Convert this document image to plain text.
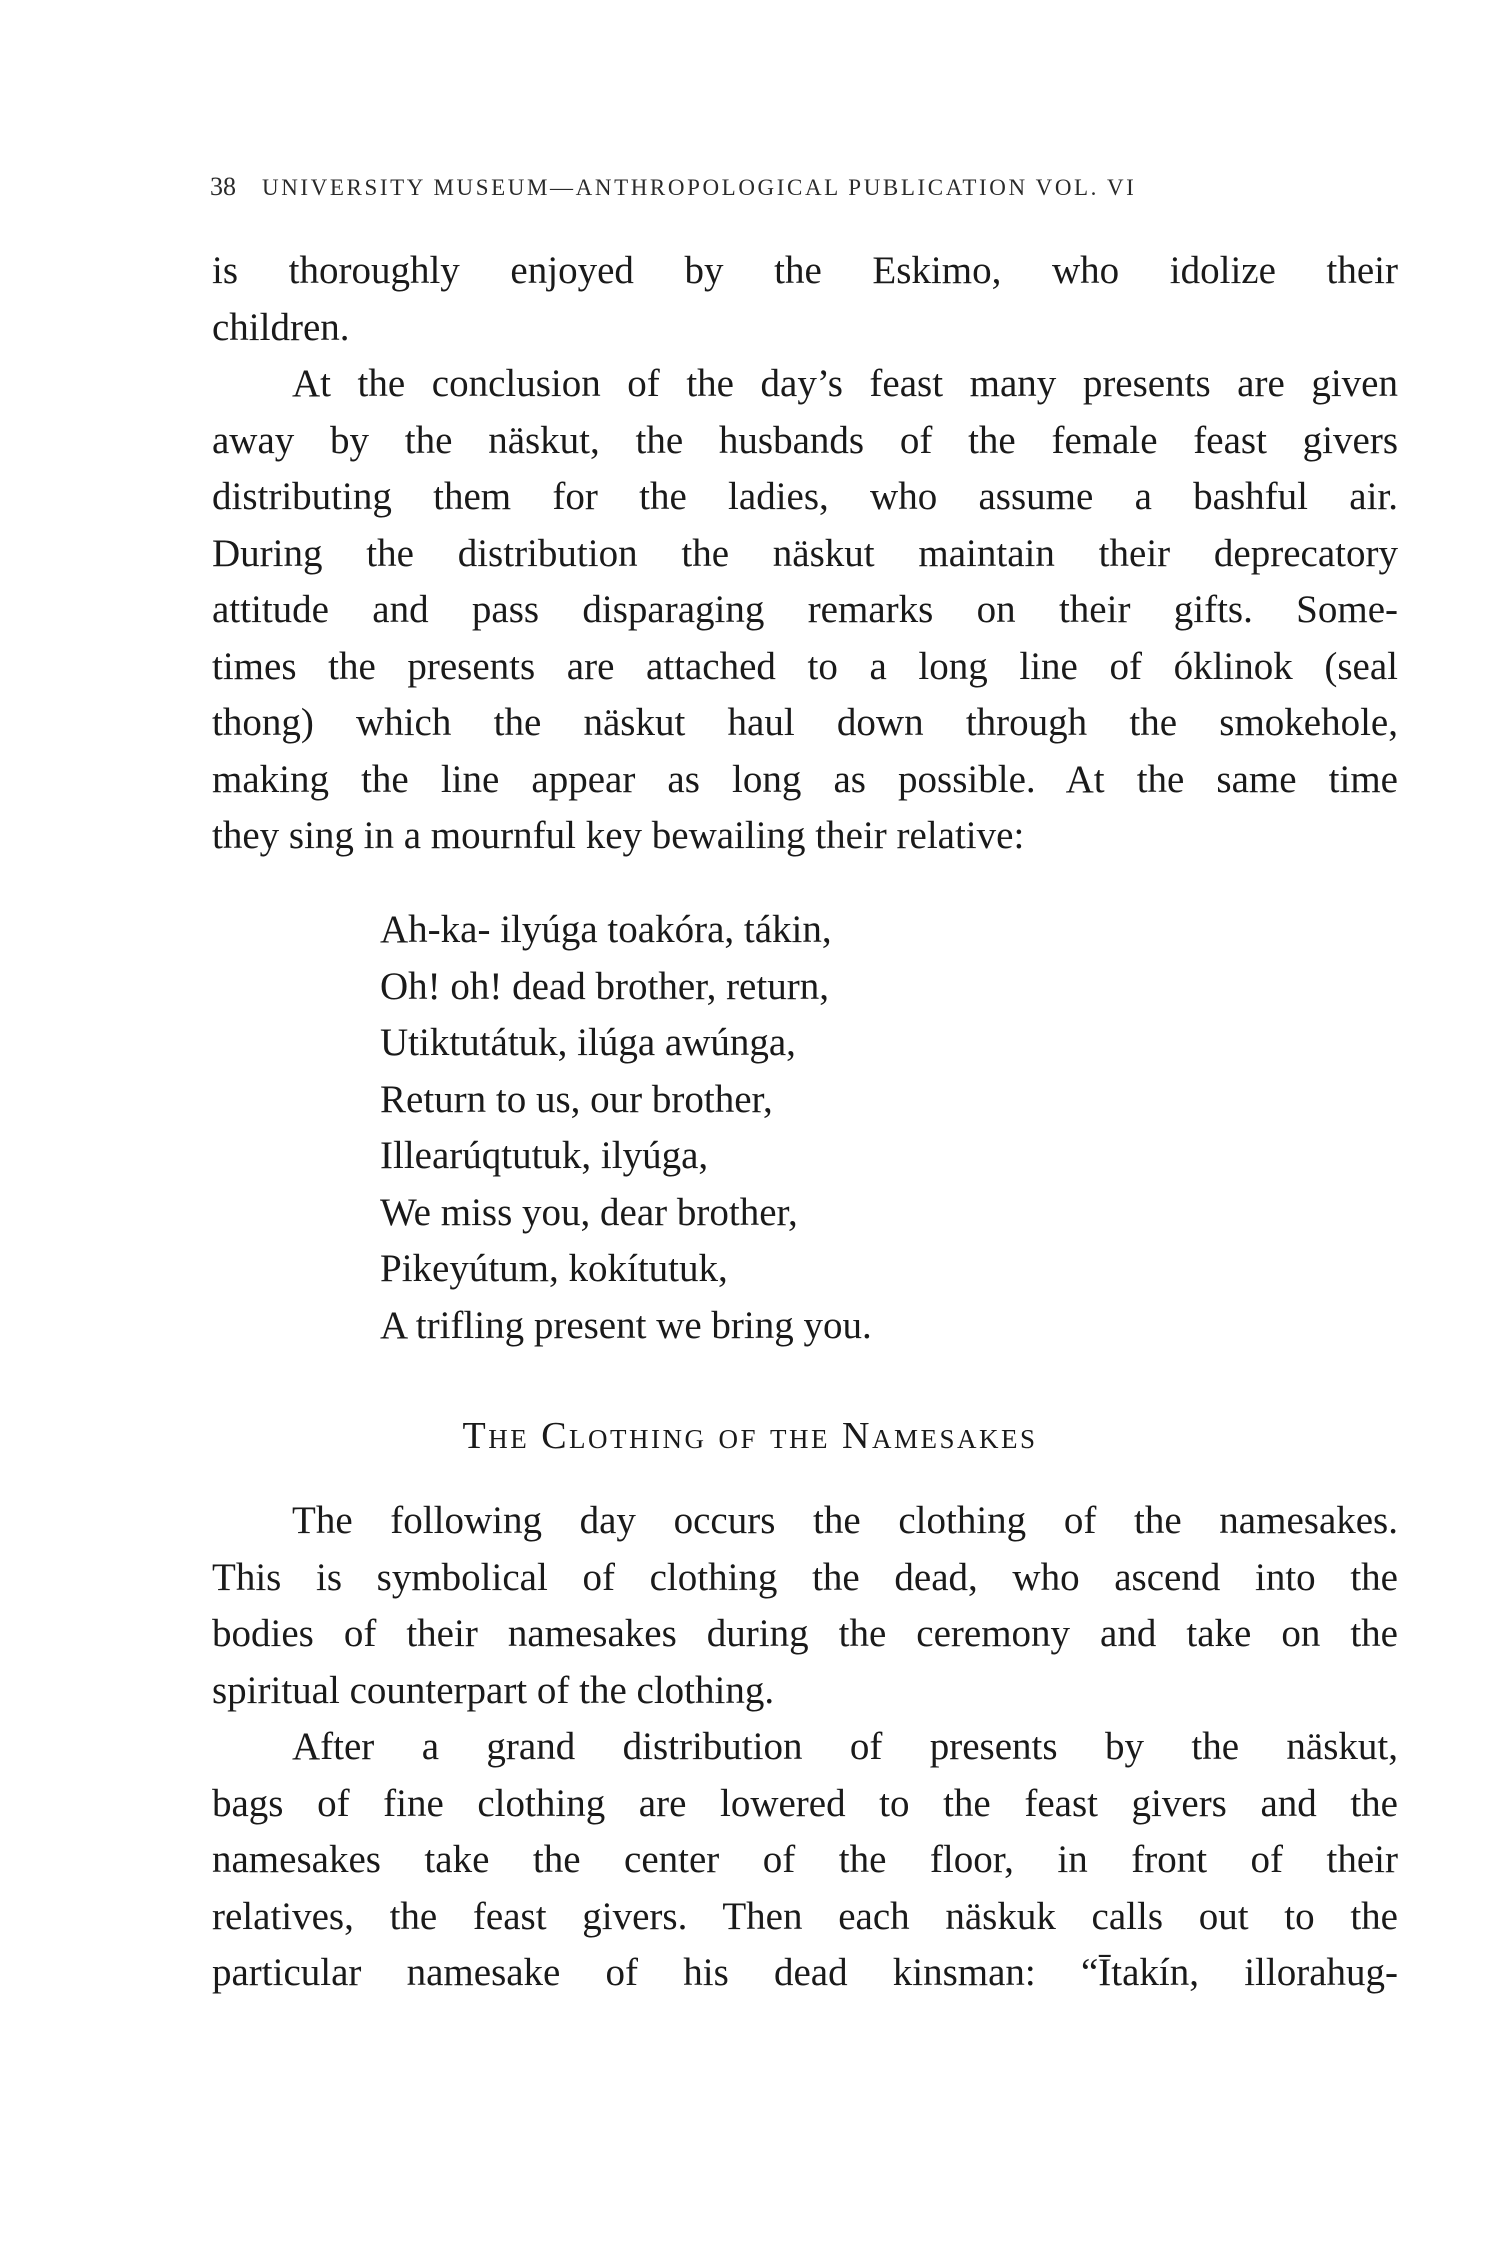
38 UNIVERSITY MUSEUM—ANTHROPOLOGICAL PUBLICATION VOL. VI
is thoroughly enjoyed by the Eskimo, who idolize their
children.
At the conclusion of the day’s feast many presents are given
away by the näskut, the husbands of the female feast givers
distributing them for the ladies, who assume a bashful air.
During the distribution the näskut maintain their deprecatory
attitude and pass disparaging remarks on their gifts. Some-
times the presents are attached to a long line of óklinok (seal
thong) which the näskut haul down through the smokehole,
making the line appear as long as possible. At the same time
they sing in a mournful key bewailing their relative:
Ah-ka- ilyúga toakóra, tákin,
Oh! oh! dead brother, return,
Utiktutátuk, ilúga awúnga,
Return to us, our brother,
Illearúqtutuk, ilyúga,
We miss you, dear brother,
Pikeyútum, kokítutuk,
A trifling present we bring you.
The Clothing of the Namesakes
The following day occurs the clothing of the namesakes.
This is symbolical of clothing the dead, who ascend into the
bodies of their namesakes during the ceremony and take on the
spiritual counterpart of the clothing.
After a grand distribution of presents by the näskut,
bags of fine clothing are lowered to the feast givers and the
namesakes take the center of the floor, in front of their
relatives, the feast givers. Then each näskuk calls out to the
particular namesake of his dead kinsman: “Ītakín, illorahug-
